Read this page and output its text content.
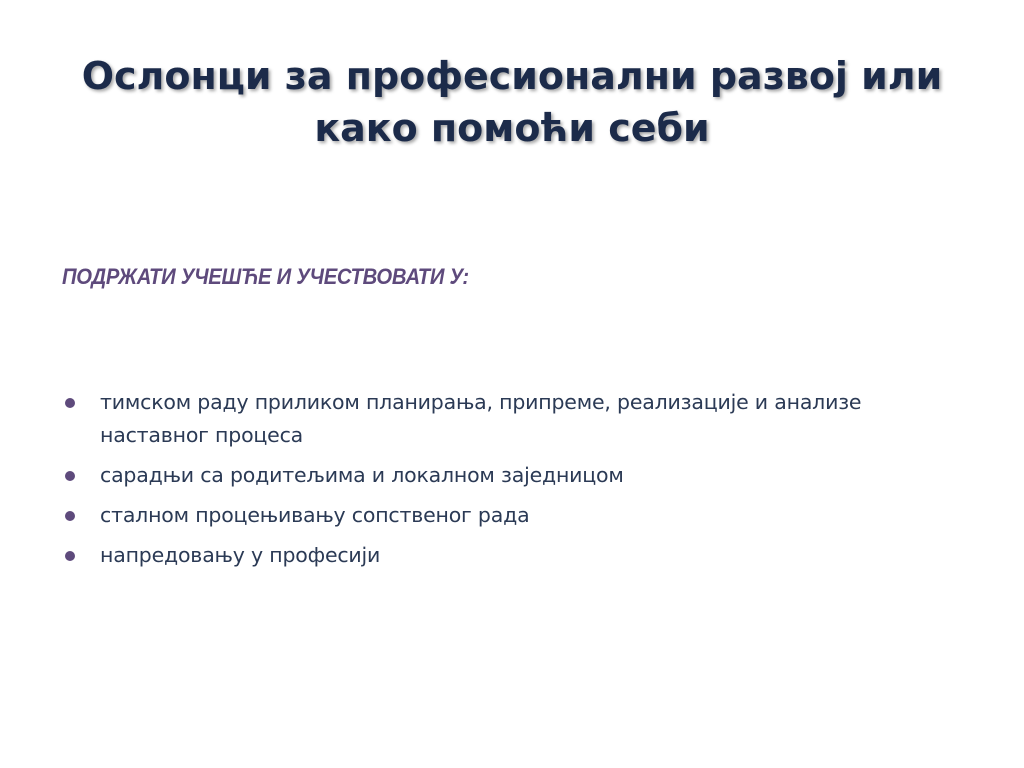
Ослонци за професионални развој или
како помоћи себи

ПОДРЖАТИ УЧЕШЋЕ И УЧЕСТВОВАТИ У:

тимском раду приликом планирања, припреме, реализације и анализе наставног процеса
сарадњи са родитељима и локалном заједницом
сталном процењивању сопственог рада
напредовању у професији
